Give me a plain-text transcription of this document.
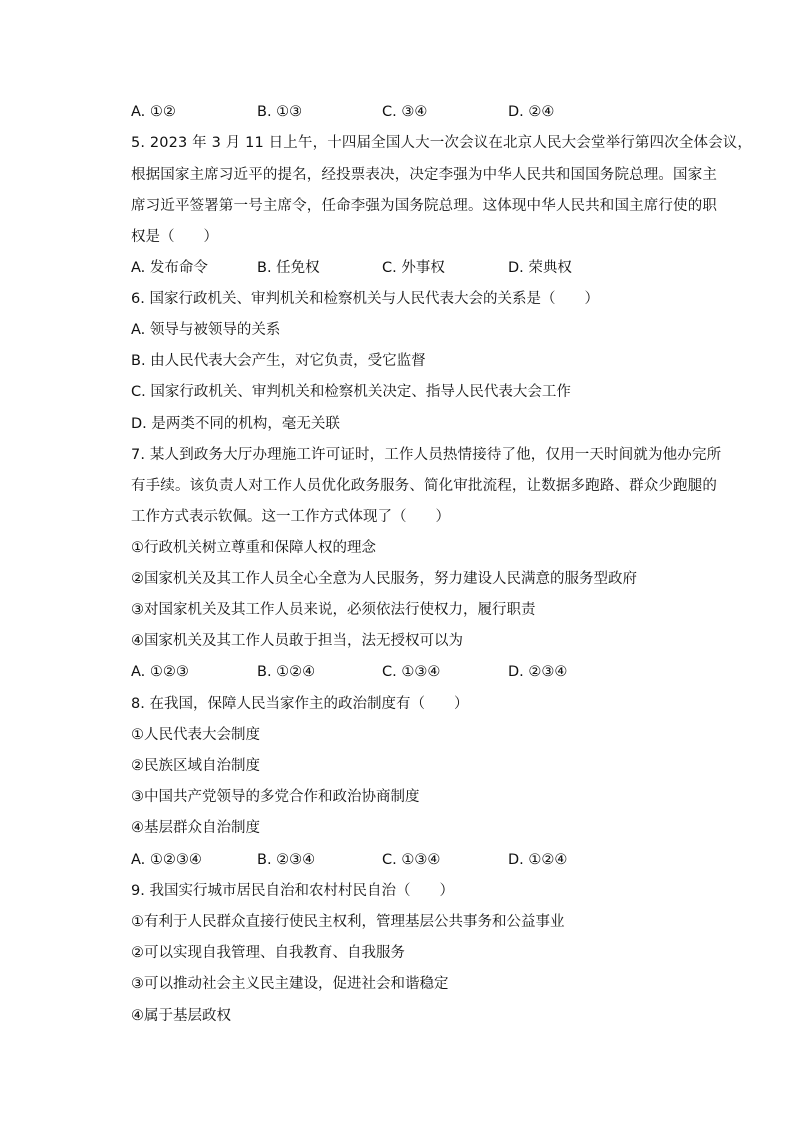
A. ①②	B. ①③	C. ③④	D. ②④
5. 2023 年 3 月 11 日上午，十四届全国人大一次会议在北京人民大会堂举行第四次全体会议，
根据国家主席习近平的提名，经投票表决，决定李强为中华人民共和国国务院总理。国家主
席习近平签署第一号主席令，任命李强为国务院总理。这体现中华人民共和国主席行使的职
权是（　　）
A. 发布命令	B. 任免权	C. 外事权	D. 荣典权
6. 国家行政机关、审判机关和检察机关与人民代表大会的关系是（　　）
A. 领导与被领导的关系
B. 由人民代表大会产生，对它负责，受它监督
C. 国家行政机关、审判机关和检察机关决定、指导人民代表大会工作
D. 是两类不同的机构，毫无关联
7. 某人到政务大厅办理施工许可证时，工作人员热情接待了他，仅用一天时间就为他办完所
有手续。该负责人对工作人员优化政务服务、简化审批流程，让数据多跑路、群众少跑腿的
工作方式表示钦佩。这一工作方式体现了（　　）
①行政机关树立尊重和保障人权的理念
②国家机关及其工作人员全心全意为人民服务，努力建设人民满意的服务型政府
③对国家机关及其工作人员来说，必须依法行使权力，履行职责
④国家机关及其工作人员敢于担当，法无授权可以为
A. ①②③	B. ①②④	C. ①③④	D. ②③④
8. 在我国，保障人民当家作主的政治制度有（　　）
①人民代表大会制度
②民族区域自治制度
③中国共产党领导的多党合作和政治协商制度
④基层群众自治制度
A. ①②③④	B. ②③④	C. ①③④	D. ①②④
9. 我国实行城市居民自治和农村村民自治（　　）
①有利于人民群众直接行使民主权利，管理基层公共事务和公益事业
②可以实现自我管理、自我教育、自我服务
③可以推动社会主义民主建设，促进社会和谐稳定
④属于基层政权
